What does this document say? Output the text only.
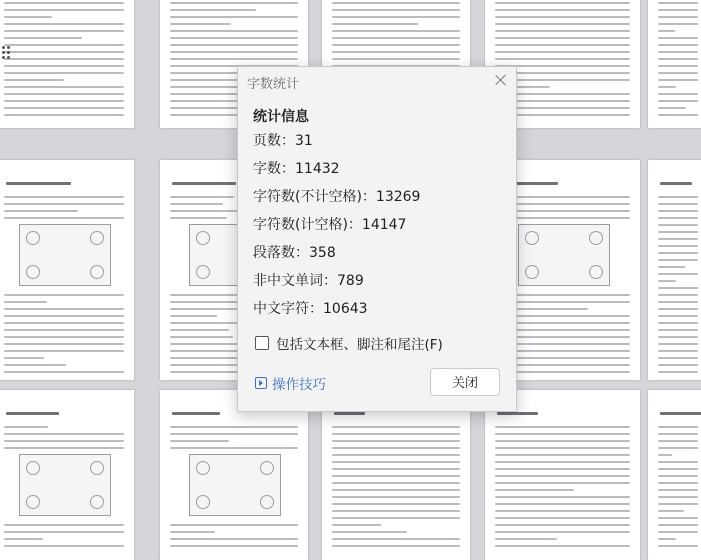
字数统计
统计信息
页数：31
字数：11432
字符数(不计空格)：13269
字符数(计空格)：14147
段落数：358
非中文单词：789
中文字符：10643
包括文本框、脚注和尾注(F)
操作技巧	关闭
